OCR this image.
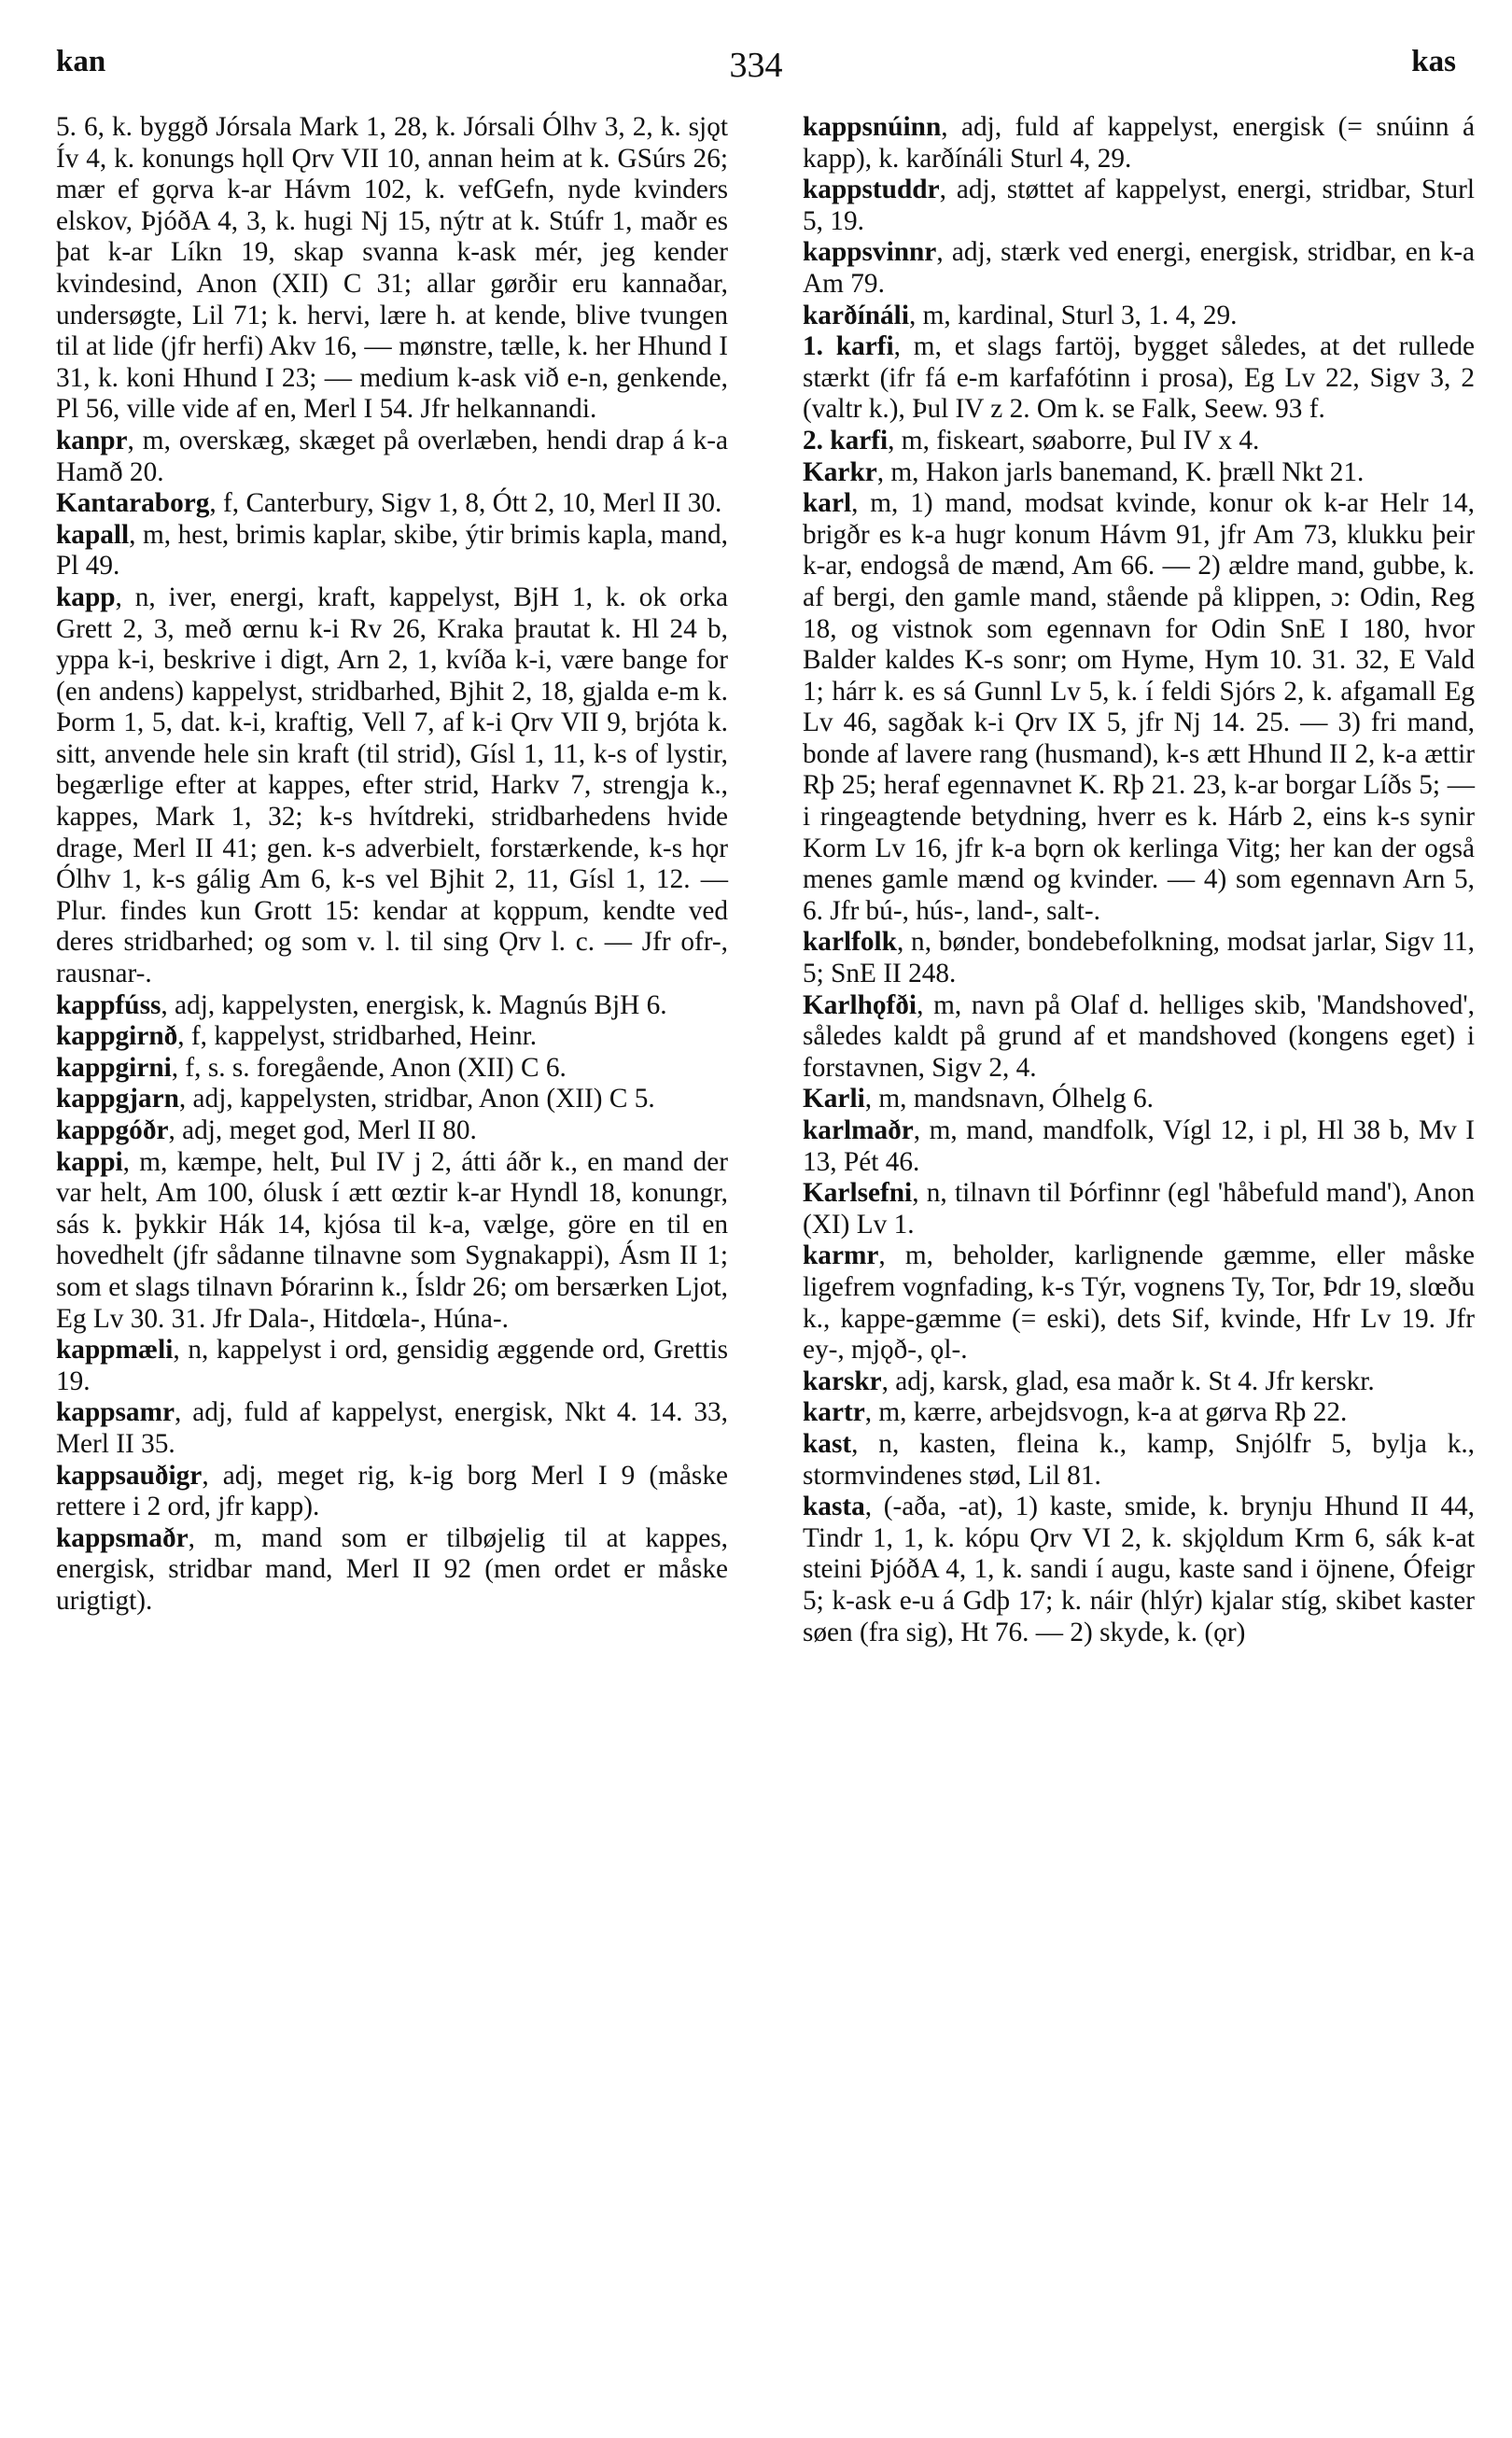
kan	334	kas

5. 6, k. byggð Jórsala Mark 1, 28, k. Jórsali Ólhv 3, 2, k. sjǫt Ív 4, k. konungs hǫll Ǫrv VII 10, annan heim at k. GSúrs 26; mær ef gǫrva k-ar Hávm 102, k. vefGefn, nyde kvinders elskov, ÞjóðA 4, 3, k. hugi Nj 15, nýtr at k. Stúfr 1, maðr es þat k-ar Líkn 19, skap svanna k-ask mér, jeg kender kvindesind, Anon (XII) C 31; allar gørðir eru kannaðar, undersøgte, Lil 71; k. hervi, lære h. at kende, blive tvungen til at lide (jfr herfi) Akv 16, — mønstre, tælle, k. her Hhund I 31, k. koni Hhund I 23; — medium k-ask við e-n, genkende, Pl 56, ville vide af en, Merl I 54. Jfr helkannandi.

kanpr, m, overskæg, skæget på overlæben, hendi drap á k-a Hamð 20.

Kantaraborg, f, Canterbury, Sigv 1, 8, Ótt 2, 10, Merl II 30.

kapall, m, hest, brimis kaplar, skibe, ýtir brimis kapla, mand, Pl 49.

kapp, n, iver, energi, kraft, kappelyst, BjH 1, k. ok orka Grett 2, 3, með œrnu k-i Rv 26, Kraka þrautat k. Hl 24 b, yppa k-i, beskrive i digt, Arn 2, 1, kvíða k-i, være bange for (en andens) kappelyst, stridbarhed, Bjhit 2, 18, gjalda e-m k. Þorm 1, 5, dat. k-i, kraftig, Vell 7, af k-i Ǫrv VII 9, brjóta k. sitt, anvende hele sin kraft (til strid), Gísl 1, 11, k-s of lystir, begærlige efter at kappes, efter strid, Harkv 7, strengja k., kappes, Mark 1, 32; k-s hvítdreki, stridbarhedens hvide drage, Merl II 41; gen. k-s adverbielt, forstærkende, k-s hǫr Ólhv 1, k-s gálig Am 6, k-s vel Bjhit 2, 11, Gísl 1, 12. — Plur. findes kun Grott 15: kendar at kǫppum, kendte ved deres stridbarhed; og som v. l. til sing Ǫrv l. c. — Jfr ofr-, rausnar-.

kappfúss, adj, kappelysten, energisk, k. Magnús BjH 6.

kappgirnð, f, kappelyst, stridbarhed, Heinr.

kappgirni, f, s. s. foregående, Anon (XII) C 6.

kappgjarn, adj, kappelysten, stridbar, Anon (XII) C 5.

kappgóðr, adj, meget god, Merl II 80.

kappi, m, kæmpe, helt, Þul IV j 2, átti áðr k., en mand der var helt, Am 100, ólusk í ætt œztir k-ar Hyndl 18, konungr, sás k. þykkir Hák 14, kjósa til k-a, vælge, göre en til en hovedhelt (jfr sådanne tilnavne som Sygnakappi), Ásm II 1; som et slags tilnavn Þórarinn k., Ísldr 26; om bersærken Ljot, Eg Lv 30. 31. Jfr Dala-, Hitdœla-, Húna-.

kappmæli, n, kappelyst i ord, gensidig æggende ord, Grettis 19.

kappsamr, adj, fuld af kappelyst, energisk, Nkt 4. 14. 33, Merl II 35.

kappsauðigr, adj, meget rig, k-ig borg Merl I 9 (måske rettere i 2 ord, jfr kapp).

kappsmaðr, m, mand som er tilbøjelig til at kappes, energisk, stridbar mand, Merl II 92 (men ordet er måske urigtigt).

kappsnúinn, adj, fuld af kappelyst, energisk (= snúinn á kapp), k. karðínáli Sturl 4, 29.

kappstuddr, adj, støttet af kappelyst, energi, stridbar, Sturl 5, 19.

kappsvinnr, adj, stærk ved energi, energisk, stridbar, en k-a Am 79.

karðínáli, m, kardinal, Sturl 3, 1. 4, 29.

1. karfi, m, et slags fartöj, bygget således, at det rullede stærkt (ifr fá e-m karfafótinn i prosa), Eg Lv 22, Sigv 3, 2 (valtr k.), Þul IV z 2. Om k. se Falk, Seew. 93 f.

2. karfi, m, fiskeart, søaborre, Þul IV x 4.

Karkr, m, Hakon jarls banemand, K. þræll Nkt 21.

karl, m, 1) mand, modsat kvinde, konur ok k-ar Helr 14, brigðr es k-a hugr konum Hávm 91, jfr Am 73, klukku þeir k-ar, endogså de mænd, Am 66. — 2) ældre mand, gubbe, k. af bergi, den gamle mand, stående på klippen, ɔ: Odin, Reg 18, og vistnok som egennavn for Odin SnE I 180, hvor Balder kaldes K-s sonr; om Hyme, Hym 10. 31. 32, E Vald 1; hárr k. es sá Gunnl Lv 5, k. í feldi Sjórs 2, k. afgamall Eg Lv 46, sagðak k-i Ǫrv IX 5, jfr Nj 14. 25. — 3) fri mand, bonde af lavere rang (husmand), k-s ætt Hhund II 2, k-a ættir Rþ 25; heraf egennavnet K. Rþ 21. 23, k-ar borgar Líðs 5; — i ringeagtende betydning, hverr es k. Hárb 2, eins k-s synir Korm Lv 16, jfr k-a bǫrn ok kerlinga Vitg; her kan der også menes gamle mænd og kvinder. — 4) som egennavn Arn 5, 6. Jfr bú-, hús-, land-, salt-.

karlfolk, n, bønder, bondebefolkning, modsat jarlar, Sigv 11, 5; SnE II 248.

Karlhǫfði, m, navn på Olaf d. helliges skib, 'Mandshoved', således kaldt på grund af et mandshoved (kongens eget) i forstavnen, Sigv 2, 4.

Karli, m, mandsnavn, Ólhelg 6.

karlmaðr, m, mand, mandfolk, Vígl 12, i pl, Hl 38 b, Mv I 13, Pét 46.

Karlsefni, n, tilnavn til Þórfinnr (egl 'håbefuld mand'), Anon (XI) Lv 1.

karmr, m, beholder, karlignende gæmme, eller måske ligefrem vognfading, k-s Týr, vognens Ty, Tor, Þdr 19, slœðu k., kappe-gæmme (= eski), dets Sif, kvinde, Hfr Lv 19. Jfr ey-, mjǫð-, ǫl-.

karskr, adj, karsk, glad, esa maðr k. St 4. Jfr kerskr.

kartr, m, kærre, arbejdsvogn, k-a at gørva Rþ 22.

kast, n, kasten, fleina k., kamp, Snjólfr 5, bylja k., stormvindenes stød, Lil 81.

kasta, (-aða, -at), 1) kaste, smide, k. brynju Hhund II 44, Tindr 1, 1, k. kópu Ǫrv VI 2, k. skjǫldum Krm 6, sák k-at steini ÞjóðA 4, 1, k. sandi í augu, kaste sand i öjnene, Ófeigr 5; k-ask e-u á Gdþ 17; k. náir (hlýr) kjalar stíg, skibet kaster søen (fra sig), Ht 76. — 2) skyde, k. (ǫr)
